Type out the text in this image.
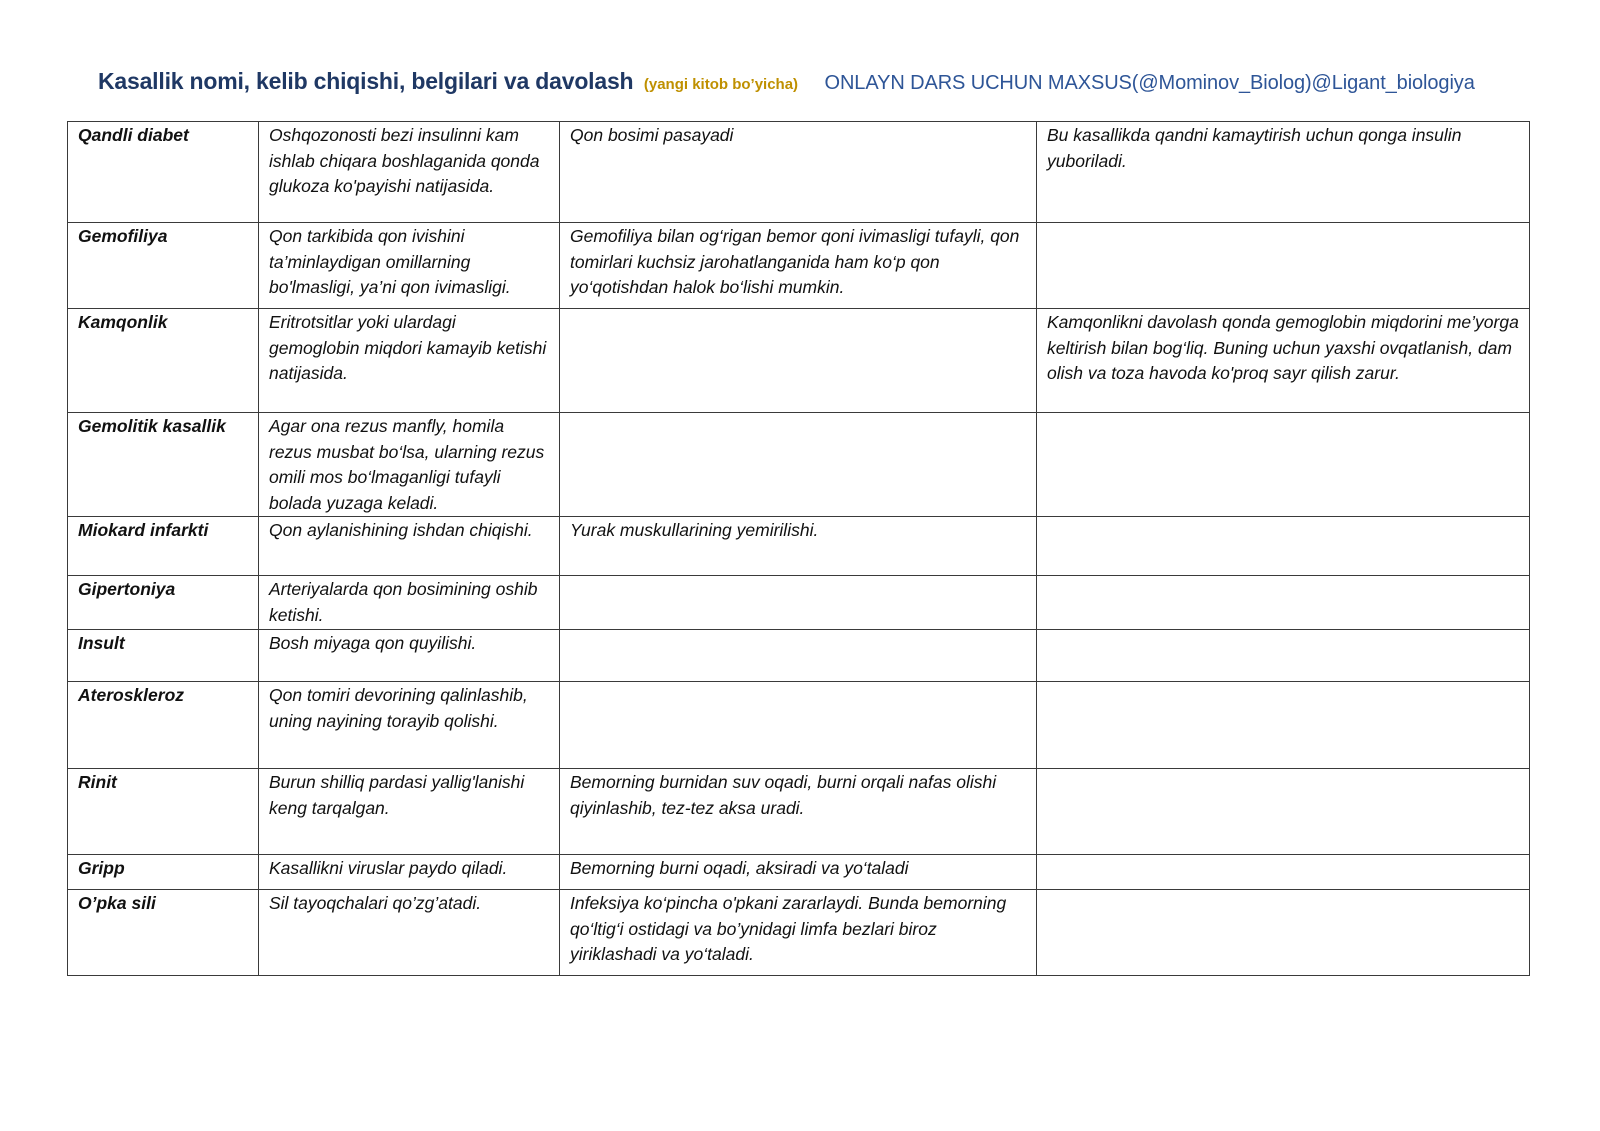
Kasallik nomi, kelib chiqishi, belgilari va davolash (yangi kitob bo’yicha) ONLAYN DARS UCHUN MAXSUS(@Mominov_Biolog)@Ligant_biologiya
Qandli diabet	Oshqozonosti bezi insulinni kam ishlab chiqara boshlaganida qonda glukoza ko'payishi natijasida.	Qon bosimi pasayadi	Bu kasallikda qandni kamaytirish uchun qonga insulin yuboriladi.
Gemofiliya	Qon tarkibida qon ivishini ta’minlaydigan omillarning bo'lmasligi, ya’ni qon ivimasligi.	Gemofiliya bilan og‘rigan bemor qoni ivimasligi tufayli, qon tomirlari kuchsiz jarohatlanganida ham ko‘p qon yo‘qotishdan halok bo‘lishi mumkin.	
Kamqonlik	Eritrotsitlar yoki ulardagi gemoglobin miqdori kamayib ketishi natijasida.		Kamqonlikni davolash qonda gemoglobin miqdorini me’yorga keltirish bilan bog‘liq. Buning uchun yaxshi ovqatlanish, dam olish va toza havoda ko'proq sayr qilish zarur.
Gemolitik kasallik	Agar ona rezus manfly, homila rezus musbat bo‘lsa, ularning rezus omili mos bo‘lmaganligi tufayli bolada yuzaga keladi.		
Miokard infarkti	Qon aylanishining ishdan chiqishi.	Yurak muskullarining yemirilishi.	
Gipertoniya	Arteriyalarda qon bosimining oshib ketishi.		
Insult	Bosh miyaga qon quyilishi.		
Ateroskleroz	Qon tomiri devorining qalinlashib, uning nayining torayib qolishi.		
Rinit	Burun shilliq pardasi yallig'lanishi keng tarqalgan.	Bemorning burnidan suv oqadi, burni orqali nafas olishi qiyinlashib, tez-tez aksa uradi.	
Gripp	Kasallikni viruslar paydo qiladi.	Bemorning burni oqadi, aksiradi va yo‘taladi	
O’pka sili	Sil tayoqchalari qo’zg’atadi.	Infeksiya ko‘pincha o'pkani zararlaydi. Bunda bemorning qo‘ltig‘i ostidagi va bo’ynidagi limfa bezlari biroz yiriklashadi va yo‘taladi.	
